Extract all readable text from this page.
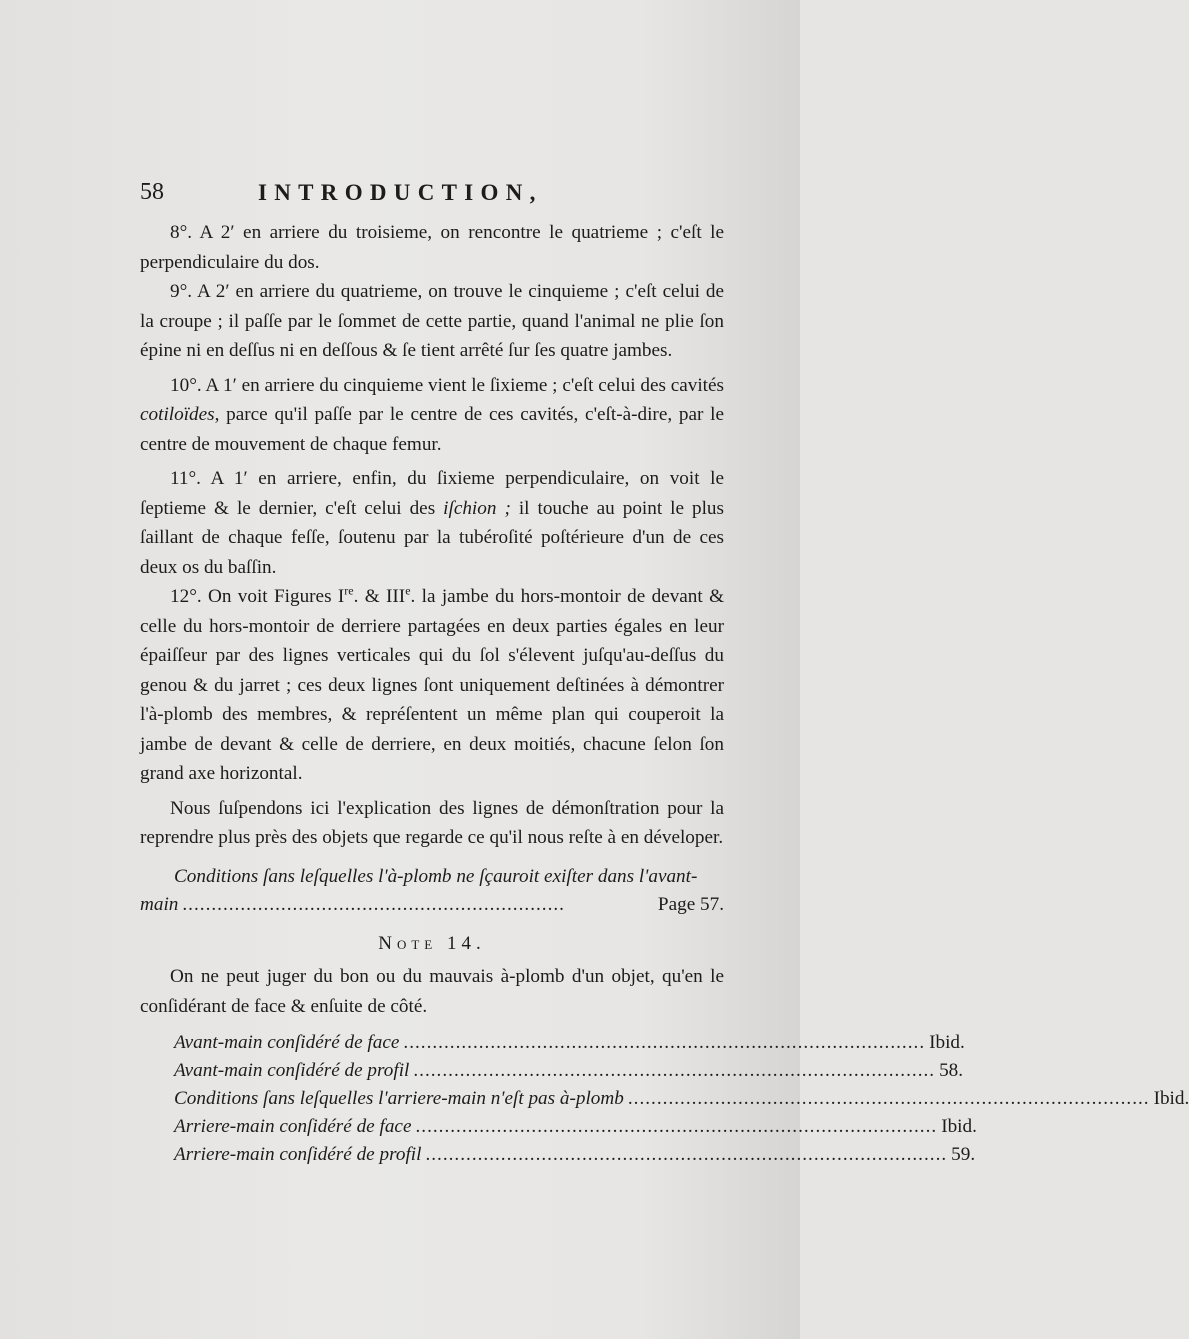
58	INTRODUCTION,

8°. A 2′ en arriere du troisieme, on rencontre le quatrieme ; c'eſt le perpendiculaire du dos.

9°. A 2′ en arriere du quatrieme, on trouve le cinquieme ; c'eſt celui de la croupe ; il paſſe par le ſommet de cette partie, quand l'animal ne plie ſon épine ni en deſſus ni en deſſous & ſe tient arrêté ſur ſes quatre jambes.

10°. A 1′ en arriere du cinquieme vient le ſixieme ; c'eſt celui des cavités cotiloïdes, parce qu'il paſſe par le centre de ces cavités, c'eſt-à-dire, par le centre de mouvement de chaque femur.

11°. A 1′ en arriere, enfin, du ſixieme perpendiculaire, on voit le ſeptieme & le dernier, c'eſt celui des iſchion ; il touche au point le plus ſaillant de chaque feſſe, ſoutenu par la tubéroſité poſtérieure d'un de ces deux os du baſſin.

12°. On voit Figures Ire. & IIIe. la jambe du hors-montoir de devant & celle du hors-montoir de derriere partagées en deux parties égales en leur épaiſſeur par des lignes verticales qui du ſol s'élevent juſqu'au-deſſus du genou & du jarret ; ces deux lignes ſont uniquement deſtinées à démontrer l'à-plomb des membres, & repréſentent un même plan qui couperoit la jambe de devant & celle de derriere, en deux moitiés, chacune ſelon ſon grand axe horizontal.

Nous ſuſpendons ici l'explication des lignes de démonſtration pour la reprendre plus près des objets que regarde ce qu'il nous reſte à en déveloper.

Conditions ſans leſquelles l'à-plomb ne ſçauroit exiſter dans l'avant-
main ..................................................................	Page 57.
Note 14.

On ne peut juger du bon ou du mauvais à-plomb d'un objet, qu'en le conſidérant de face & enſuite de côté.

Avant-main conſidéré de face .......................................................................................... Ibid.
Avant-main conſidéré de profil .......................................................................................... 58.
Conditions ſans leſquelles l'arriere-main n'eſt pas à-plomb .......................................................................................... Ibid.
Arriere-main conſidéré de face .......................................................................................... Ibid.
Arriere-main conſidéré de profil .......................................................................................... 59.
